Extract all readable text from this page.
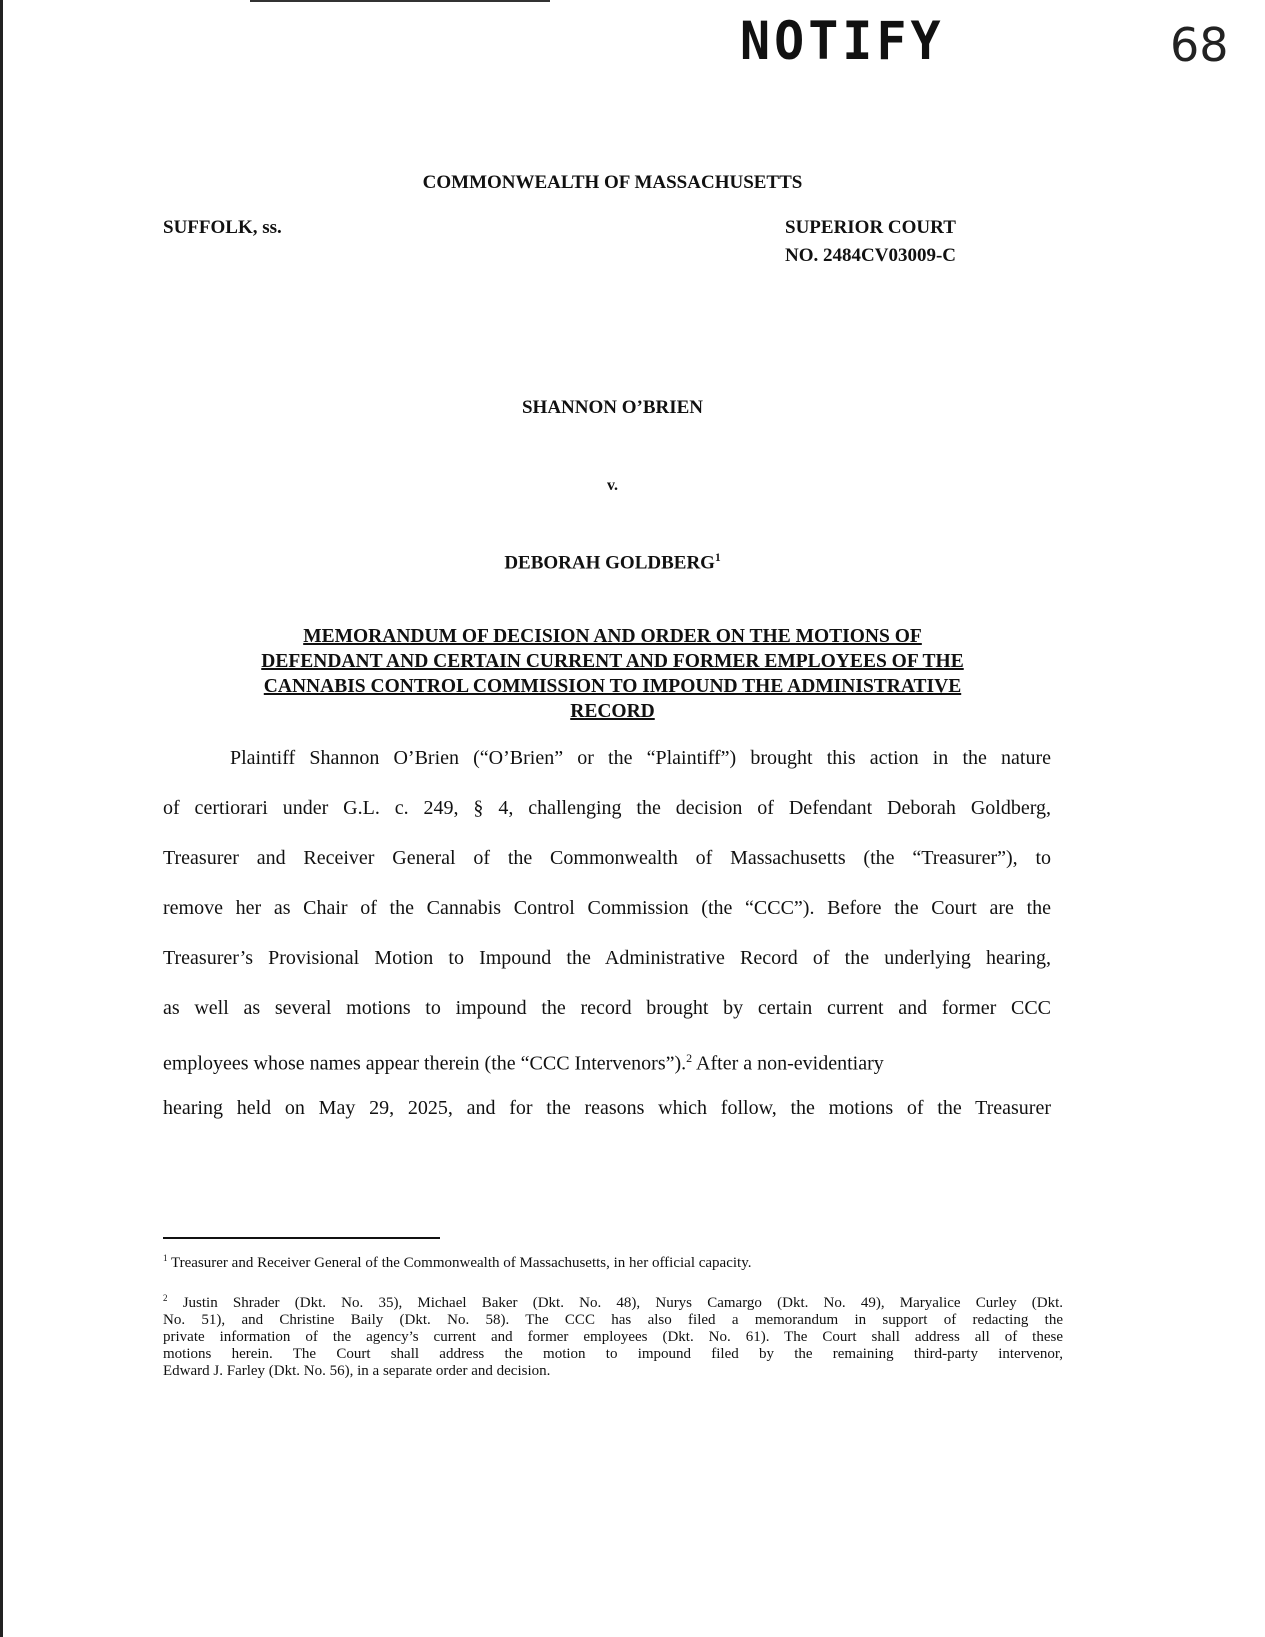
NOTIFY	68
COMMONWEALTH OF MASSACHUSETTS
SUFFOLK, ss.	SUPERIOR COURT
NO. 2484CV03009-C
SHANNON O’BRIEN
v.
DEBORAH GOLDBERG$^1$
MEMORANDUM OF DECISION AND ORDER ON THE MOTIONS OF
DEFENDANT AND CERTAIN CURRENT AND FORMER EMPLOYEES OF THE
CANNABIS CONTROL COMMISSION TO IMPOUND THE ADMINISTRATIVE
RECORD
Plaintiff Shannon O’Brien (“O’Brien” or the “Plaintiff”) brought this action in the nature
of certiorari under G.L. c. 249, § 4, challenging the decision of Defendant Deborah Goldberg,
Treasurer and Receiver General of the Commonwealth of Massachusetts (the “Treasurer”), to
remove her as Chair of the Cannabis Control Commission (the “CCC”). Before the Court are the
Treasurer’s Provisional Motion to Impound the Administrative Record of the underlying hearing,
as well as several motions to impound the record brought by certain current and former CCC
employees whose names appear therein (the “CCC Intervenors”).$^2$ After a non-evidentiary
hearing held on May 29, 2025, and for the reasons which follow, the motions of the Treasurer
$^1$ Treasurer and Receiver General of the Commonwealth of Massachusetts, in her official capacity.
$^2$ Justin Shrader (Dkt. No. 35), Michael Baker (Dkt. No. 48), Nurys Camargo (Dkt. No. 49), Maryalice Curley (Dkt.
No. 51), and Christine Baily (Dkt. No. 58). The CCC has also filed a memorandum in support of redacting the
private information of the agency’s current and former employees (Dkt. No. 61). The Court shall address all of these
motions herein. The Court shall address the motion to impound filed by the remaining third-party intervenor,
Edward J. Farley (Dkt. No. 56), in a separate order and decision.
